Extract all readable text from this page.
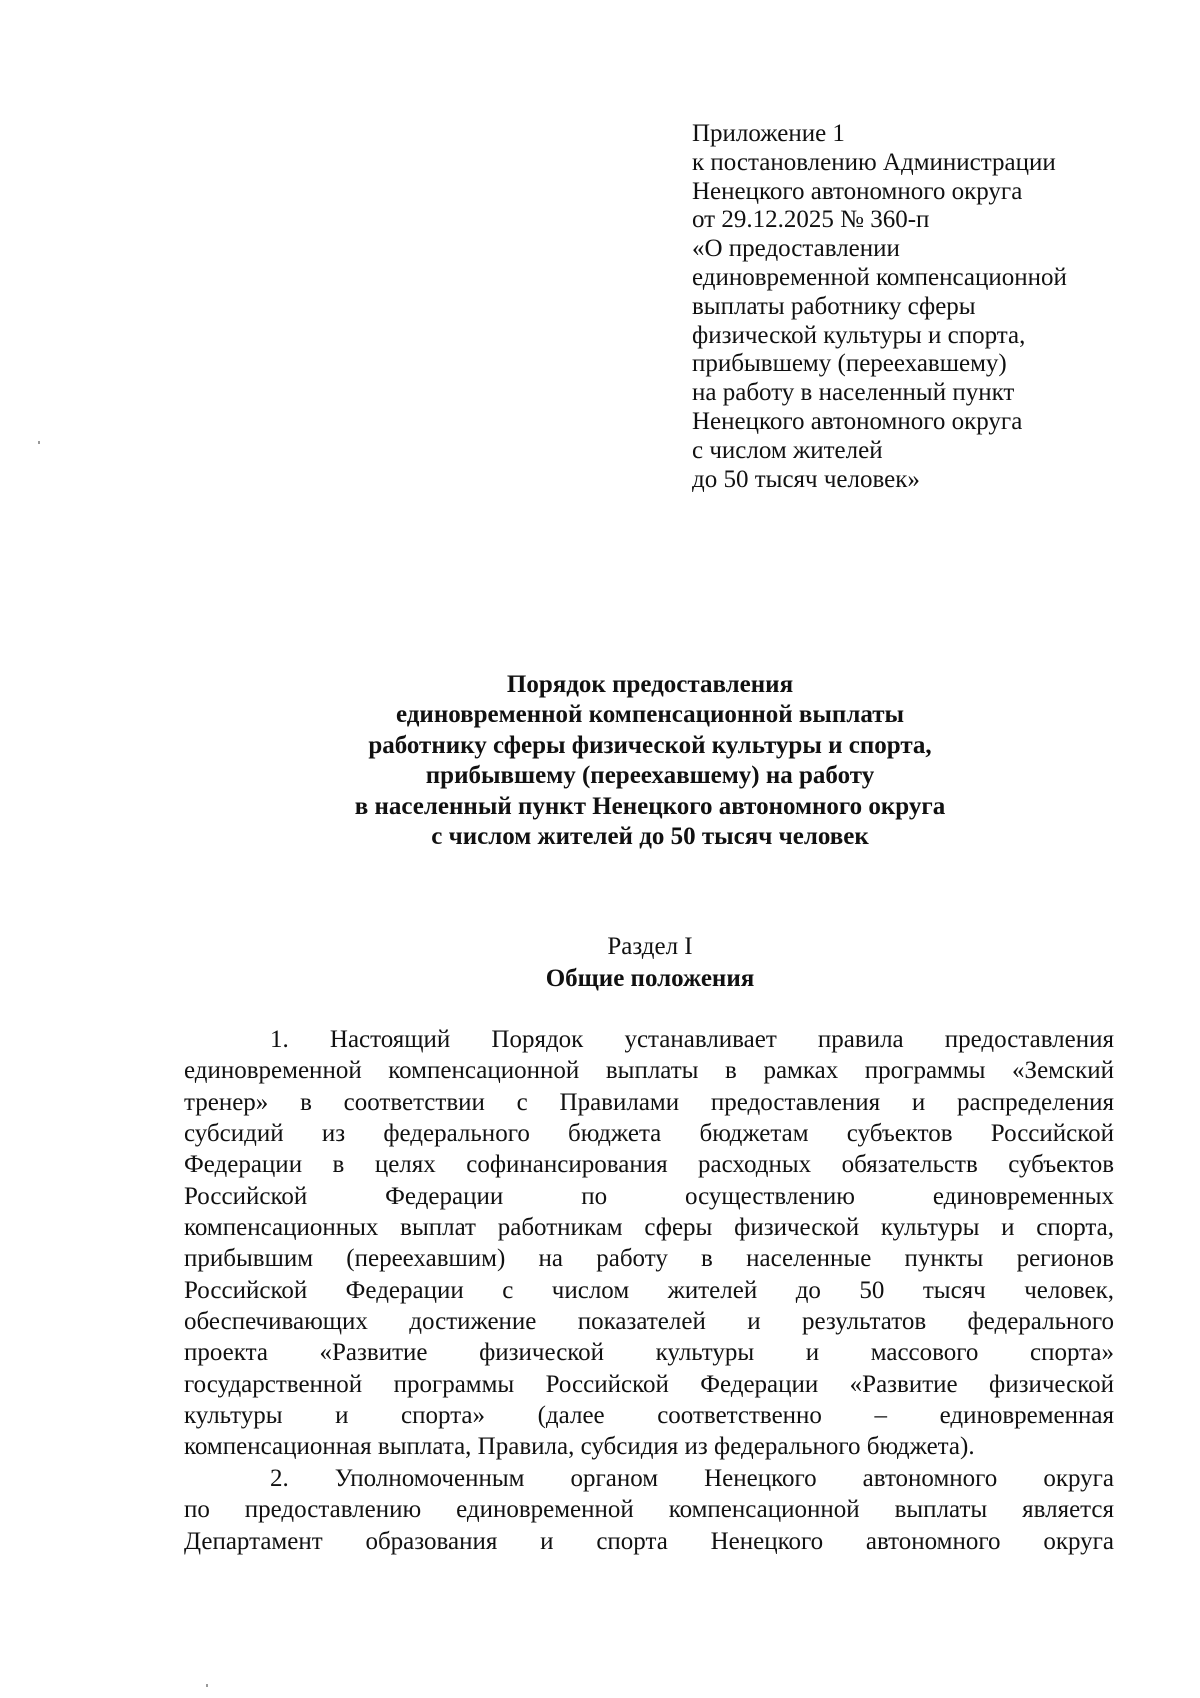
Приложение 1
к постановлению Администрации
Ненецкого автономного округа
от 29.12.2025 № 360-п
«О предоставлении
единовременной компенсационной
выплаты работнику сферы
физической культуры и спорта,
прибывшему (переехавшему)
на работу в населенный пункт
Ненецкого автономного округа
с числом жителей
до 50 тысяч человек»
Порядок предоставления
единовременной компенсационной выплаты
работнику сферы физической культуры и спорта,
прибывшему (переехавшему) на работу
в населенный пункт Ненецкого автономного округа
с числом жителей до 50 тысяч человек
Раздел I
Общие положения
1. Настоящий Порядок устанавливает правила предоставления
единовременной компенсационной выплаты в рамках программы «Земский
тренер» в соответствии с Правилами предоставления и распределения
субсидий из федерального бюджета бюджетам субъектов Российской
Федерации в целях софинансирования расходных обязательств субъектов
Российской Федерации по осуществлению единовременных
компенсационных выплат работникам сферы физической культуры и спорта,
прибывшим (переехавшим) на работу в населенные пункты регионов
Российской Федерации с числом жителей до 50 тысяч человек,
обеспечивающих достижение показателей и результатов федерального
проекта «Развитие физической культуры и массового спорта»
государственной программы Российской Федерации «Развитие физической
культуры и спорта» (далее соответственно – единовременная
компенсационная выплата, Правила, субсидия из федерального бюджета).
2. Уполномоченным органом Ненецкого автономного округа
по предоставлению единовременной компенсационной выплаты является
Департамент образования и спорта Ненецкого автономного округа
